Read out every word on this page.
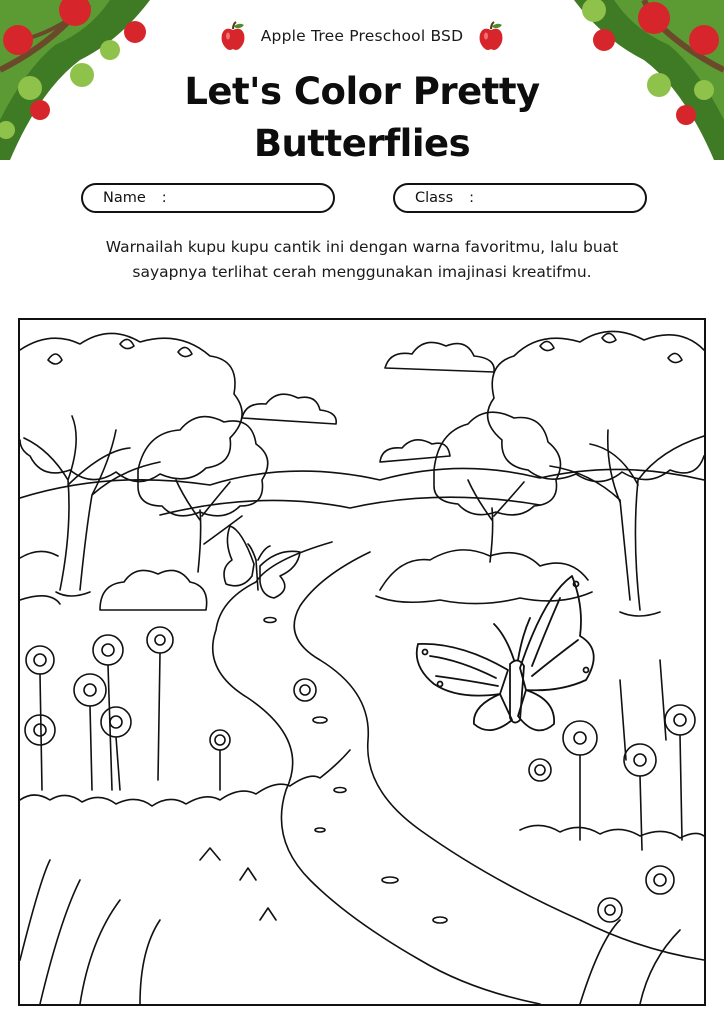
Apple Tree Preschool BSD
Let's Color Pretty
Butterflies
Name :	Class :
Warnailah kupu kupu cantik ini dengan warna favoritmu, lalu buat
sayapnya terlihat cerah menggunakan imajinasi kreatifmu.
